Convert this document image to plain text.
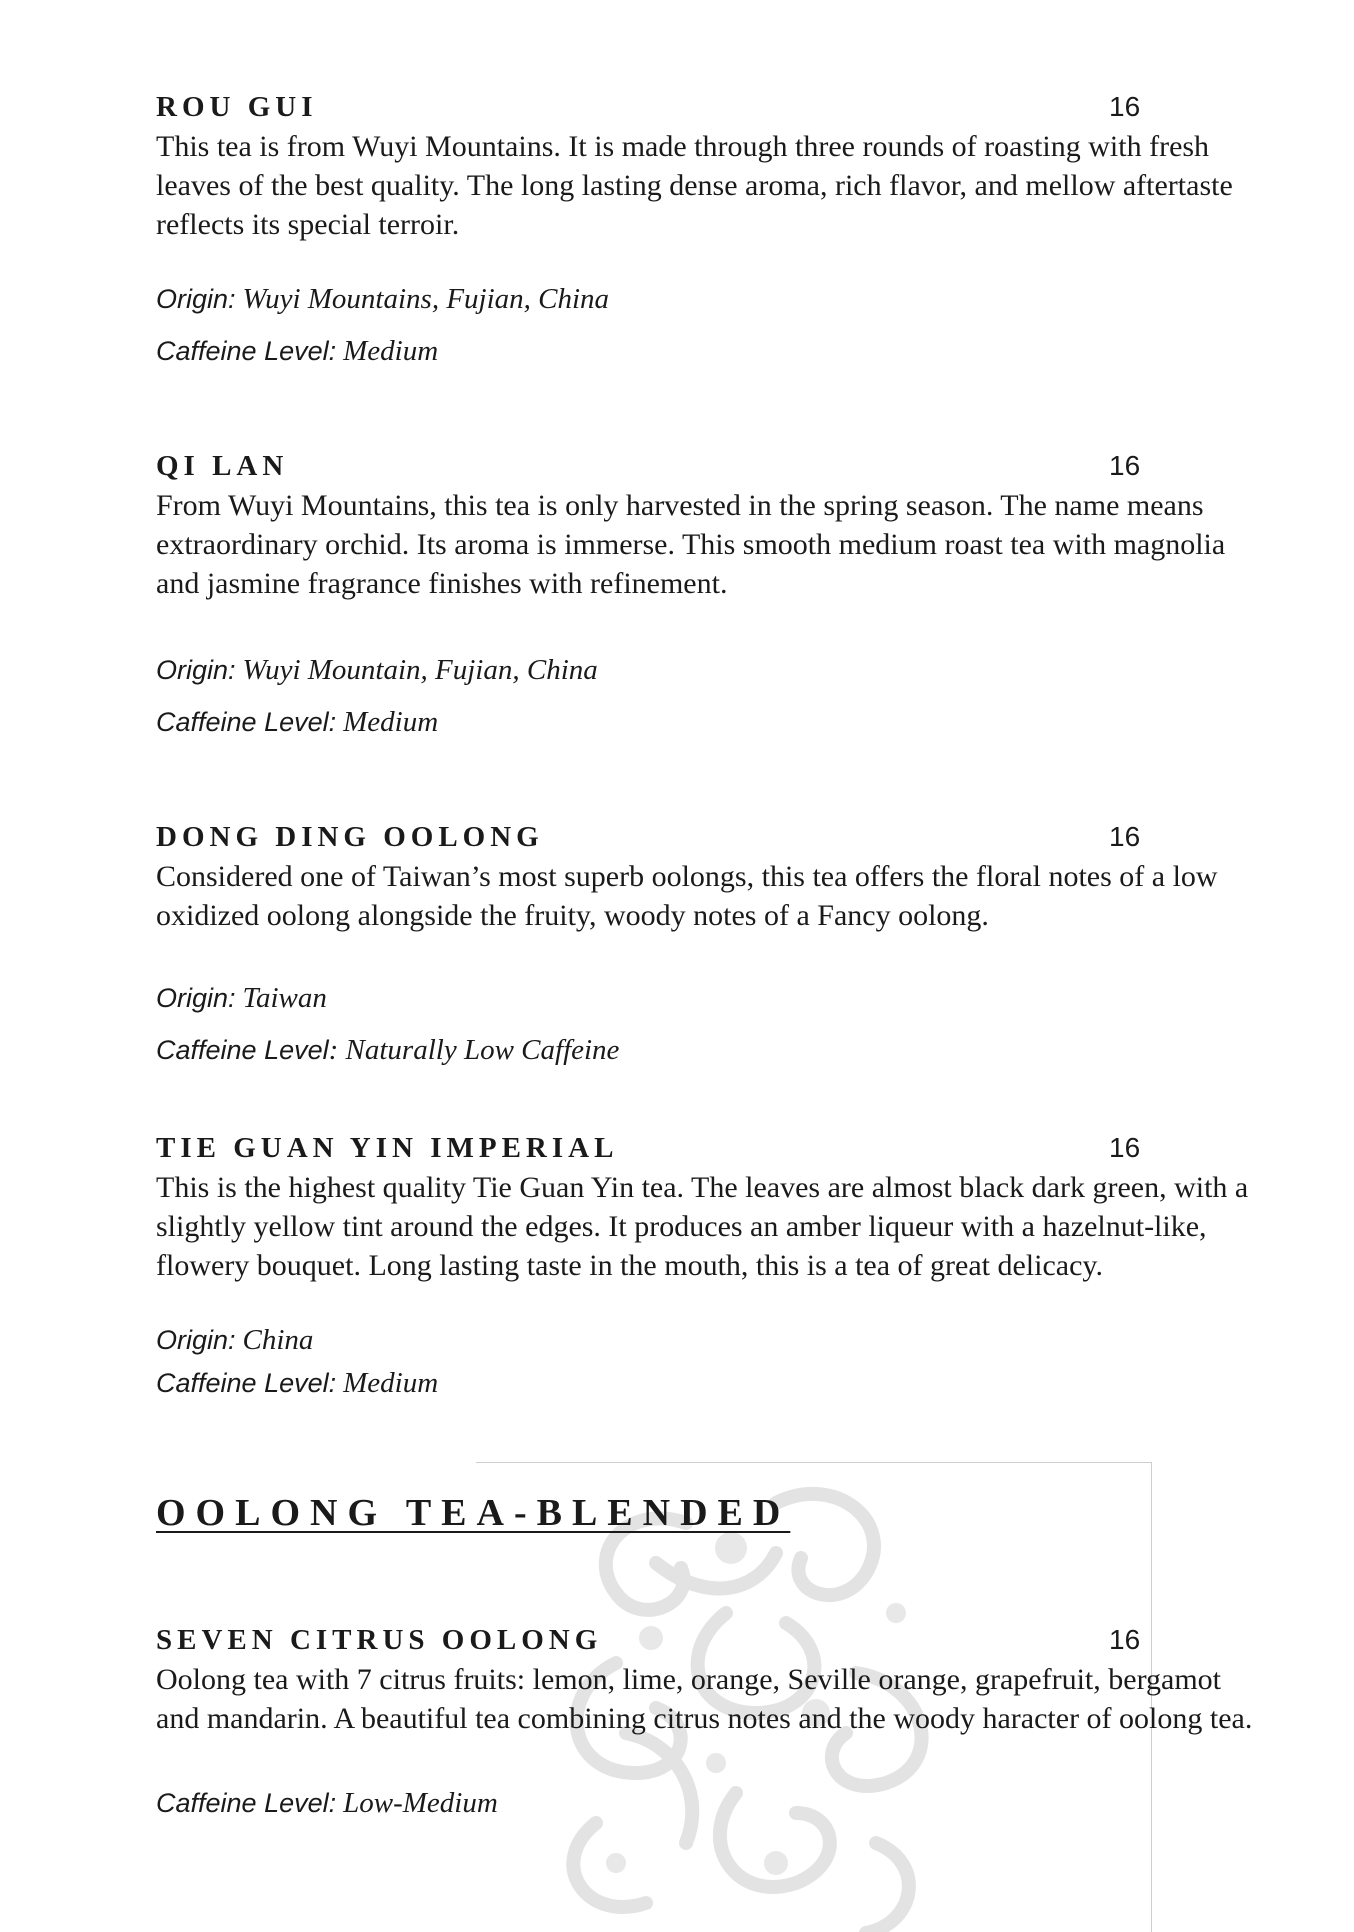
ROU GUI	16

This tea is from Wuyi Mountains. It is made through three rounds of roasting with fresh leaves of the best quality. The long lasting dense aroma, rich flavor, and mellow aftertaste reflects its special terroir.

Origin: Wuyi Mountains, Fujian, China
Caffeine Level: Medium
QI LAN	16

From Wuyi Mountains, this tea is only harvested in the spring season. The name means extraordinary orchid. Its aroma is immerse. This smooth medium roast tea with magnolia and jasmine fragrance finishes with refinement.

Origin: Wuyi Mountain, Fujian, China
Caffeine Level: Medium
DONG DING OOLONG	16

Considered one of Taiwan’s most superb oolongs, this tea offers the floral notes of a low oxidized oolong alongside the fruity, woody notes of a Fancy oolong.

Origin: Taiwan
Caffeine Level: Naturally Low Caffeine
TIE GUAN YIN IMPERIAL	16

This is the highest quality Tie Guan Yin tea. The leaves are almost black dark green, with a slightly yellow tint around the edges. It produces an amber liqueur with a hazelnut-like, flowery bouquet. Long lasting taste in the mouth, this is a tea of great delicacy.

Origin: China
Caffeine Level: Medium
OOLONG TEA-BLENDED
SEVEN CITRUS OOLONG	16

Oolong tea with 7 citrus fruits: lemon, lime, orange, Seville orange, grapefruit, bergamot and mandarin. A beautiful tea combining citrus notes and the woody haracter of oolong tea.

Caffeine Level: Low-Medium
